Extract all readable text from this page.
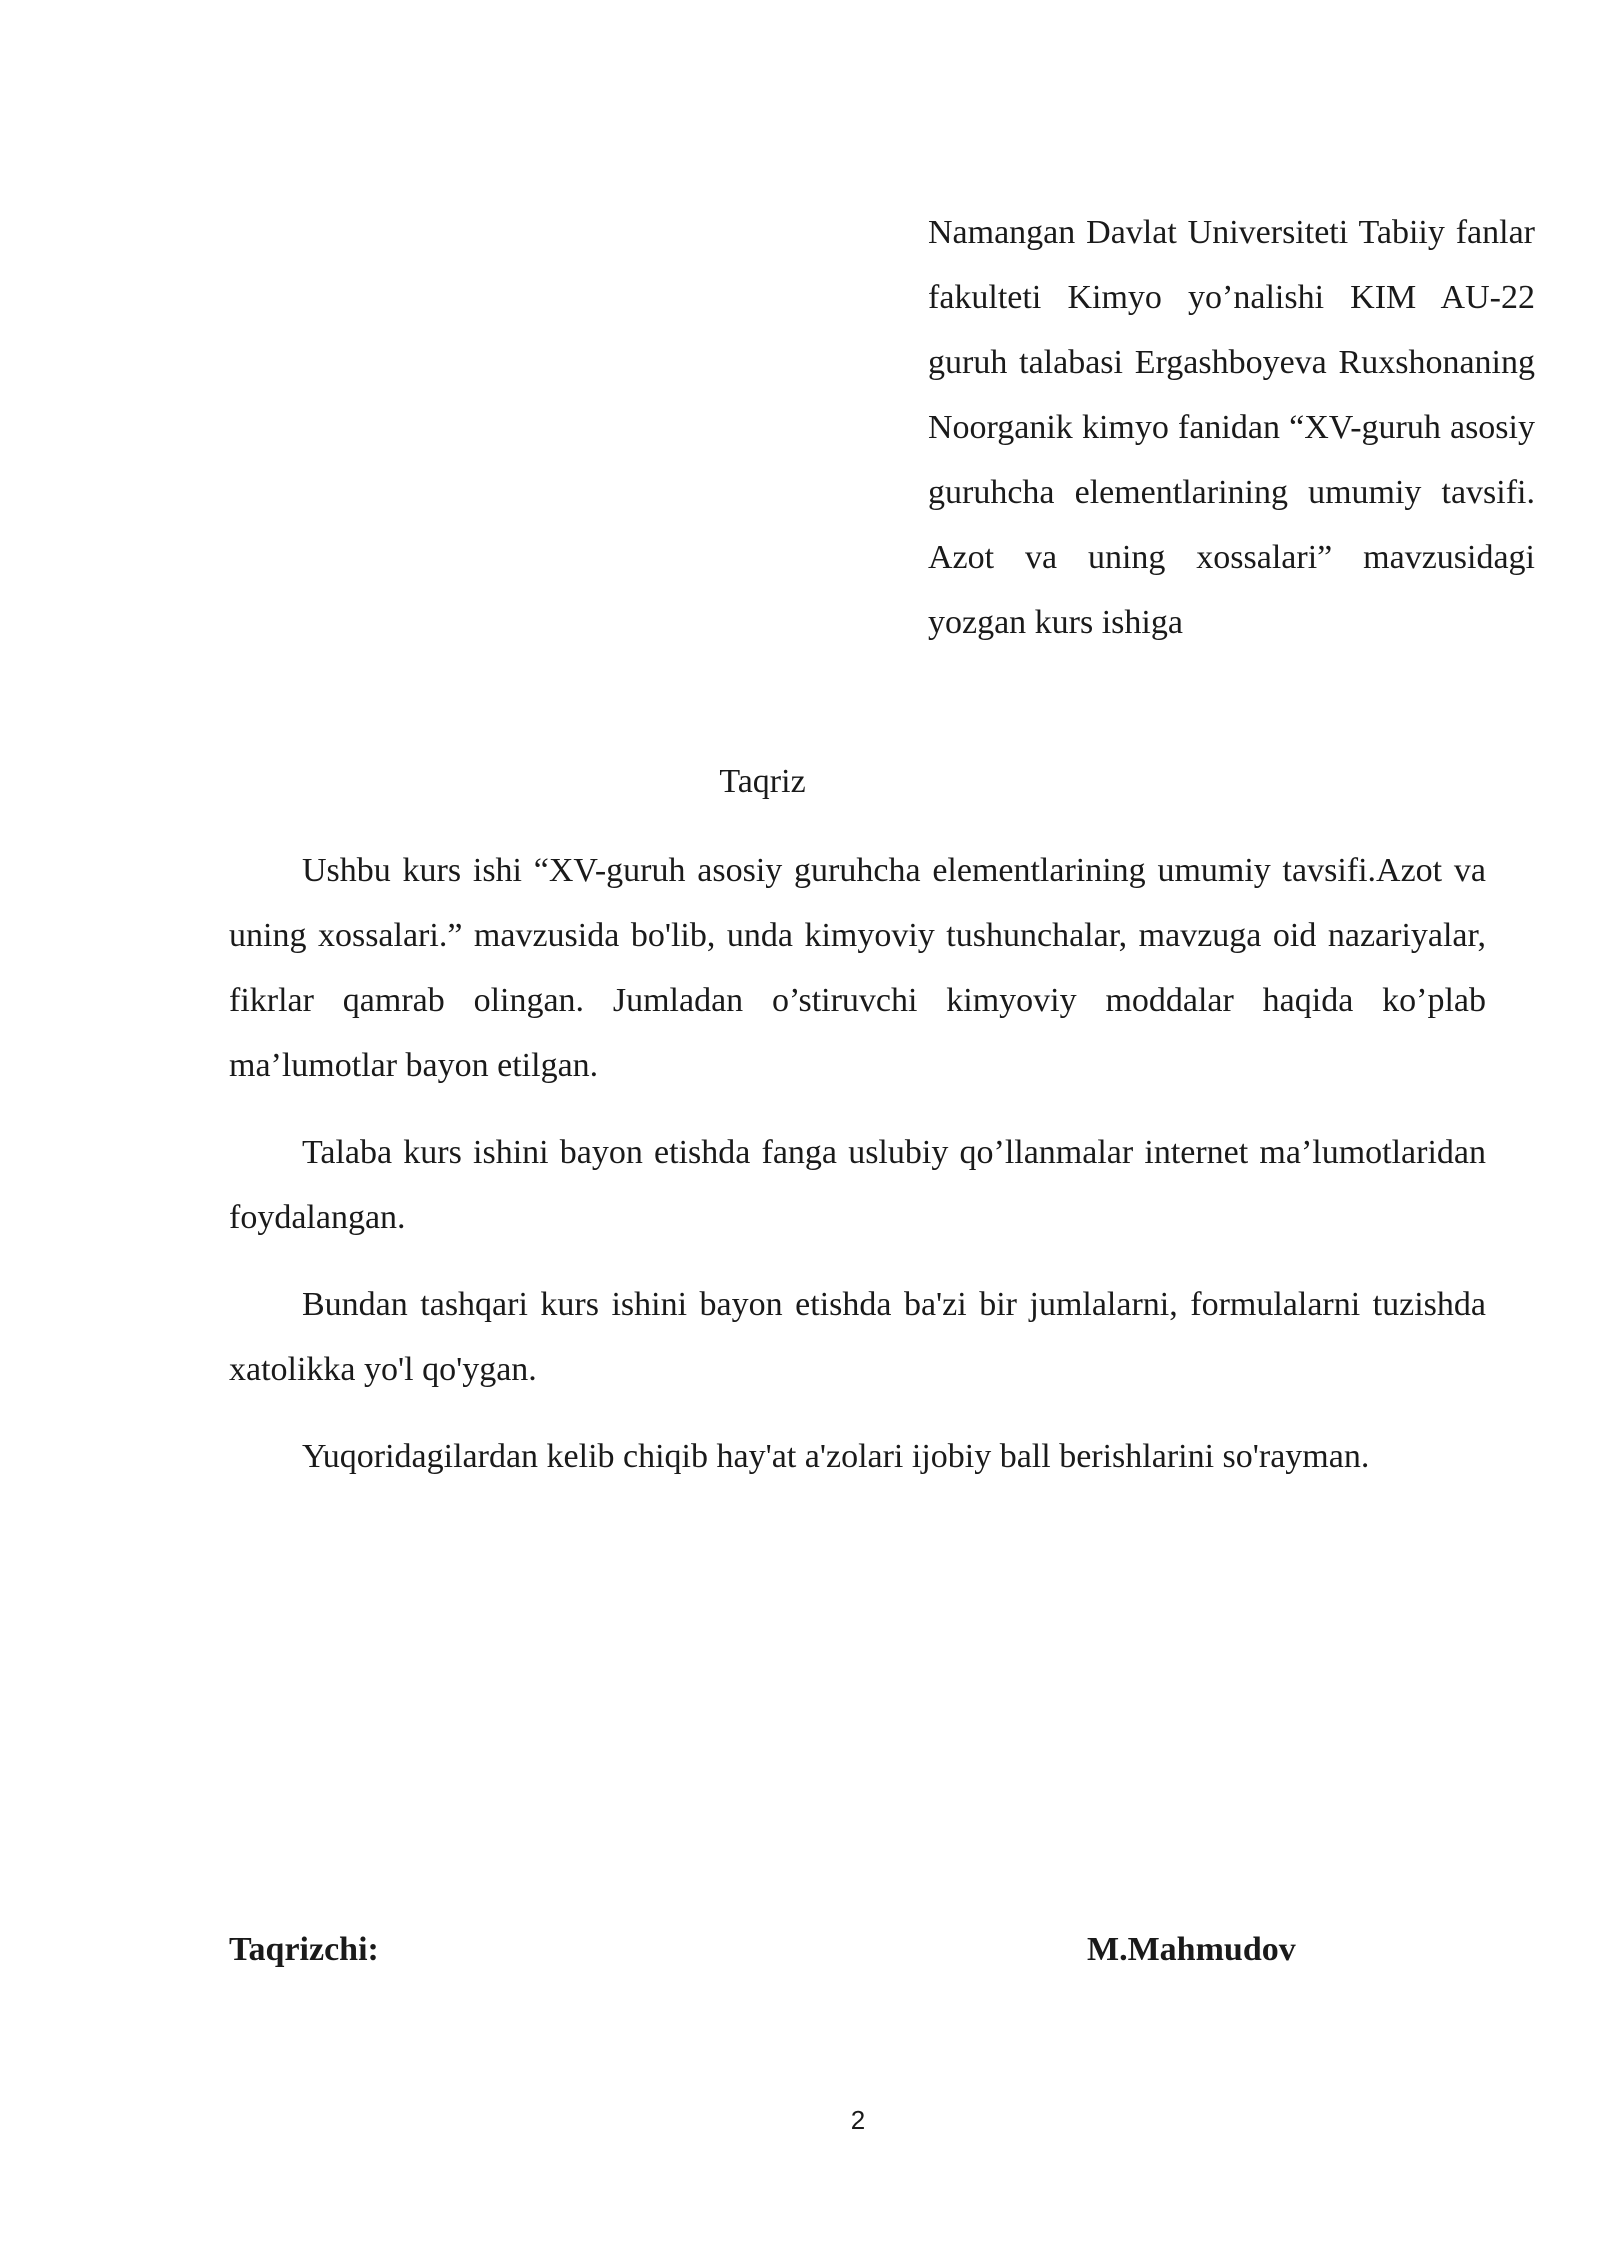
Namangan Davlat Universiteti Tabiiy fanlar fakulteti Kimyo yo’nalishi KIM AU-22 guruh talabasi Ergashboyeva Ruxshonaning Noorganik kimyo fanidan “XV-guruh asosiy guruhcha elementlarining umumiy tavsifi. Azot va uning xossalari” mavzusidagi yozgan kurs ishiga
Taqriz

Ushbu kurs ishi “XV-guruh asosiy guruhcha elementlarining umumiy tavsifi.Azot va uning xossalari.” mavzusida bo'lib, unda kimyoviy tushunchalar, mavzuga oid nazariyalar, fikrlar qamrab olingan. Jumladan o’stiruvchi kimyoviy moddalar haqida ko’plab ma’lumotlar bayon etilgan.

Talaba kurs ishini bayon etishda fanga uslubiy qo’llanmalar internet ma’lumotlaridan foydalangan.

Bundan tashqari kurs ishini bayon etishda ba'zi bir jumlalarni, formulalarni tuzishda xatolikka yo'l qo'ygan.

Yuqoridagilardan kelib chiqib hay'at a'zolari ijobiy ball berishlarini so'rayman.

Taqrizchi:	M.Mahmudov
2
